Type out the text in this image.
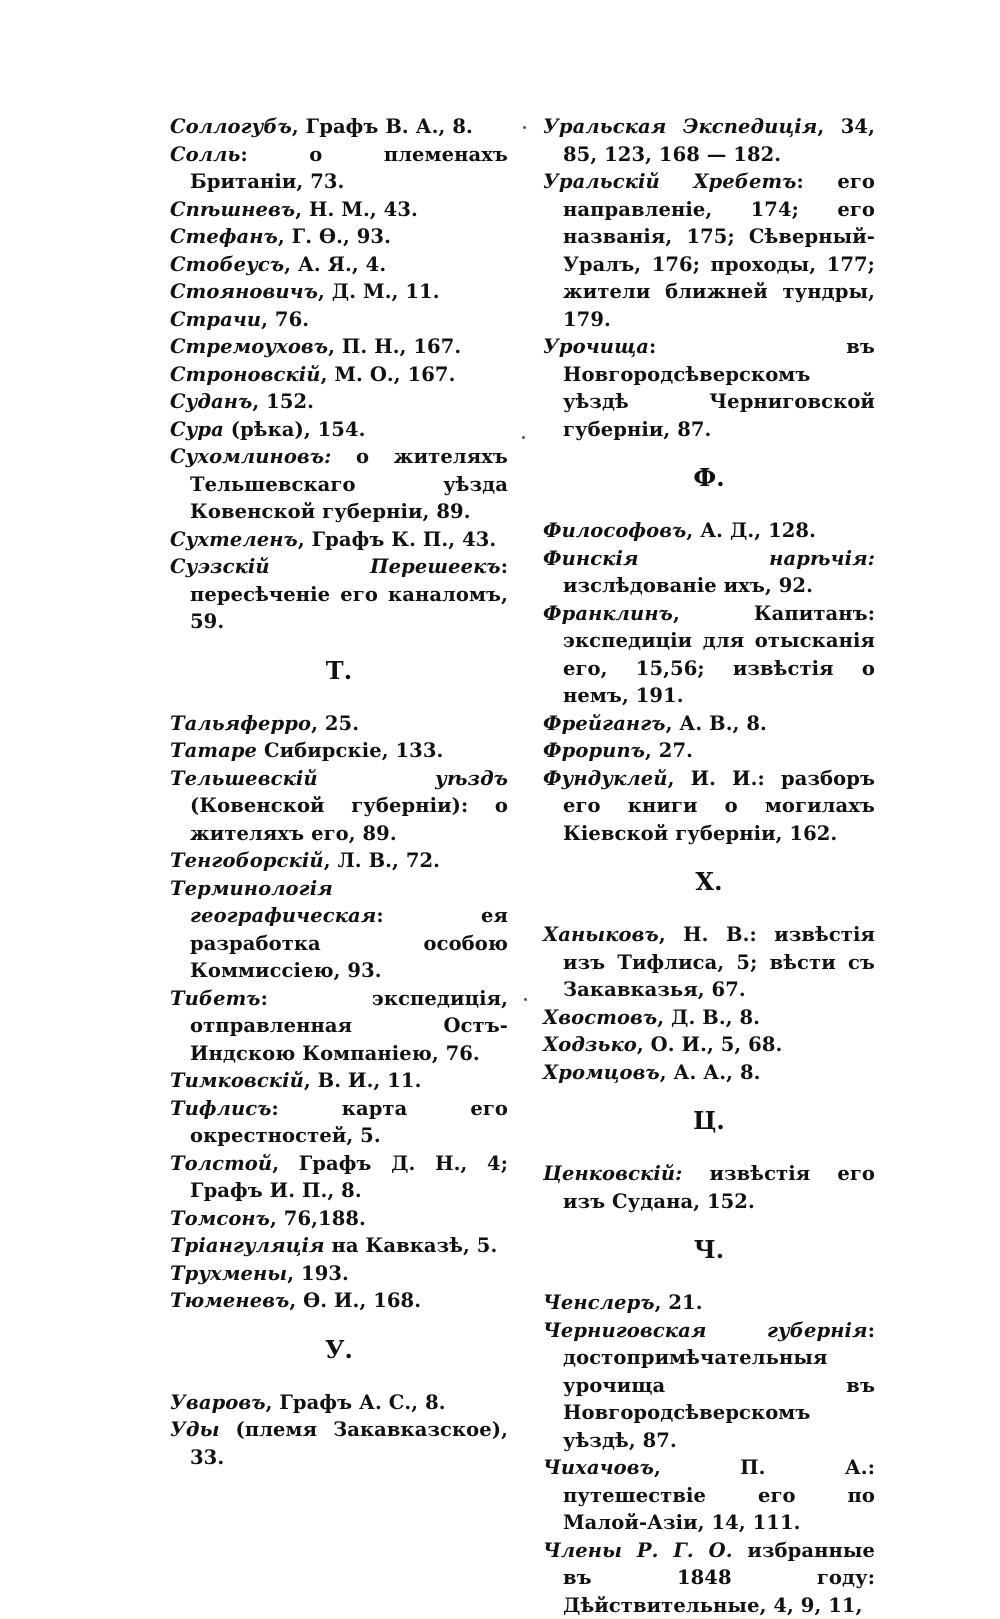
Соллогубъ, Графъ В. А., 8.

Солль: о племенахъ Британіи, 73.

Спѣшневъ, Н. М., 43.

Стефанъ, Г. Ѳ., 93.

Стобеусъ, А. Я., 4.

Стояновичъ, Д. М., 11.

Страчи, 76.

Стремоуховъ, П. Н., 167.

Строновскій, М. О., 167.

Суданъ, 152.

Сура (рѣка), 154.

Сухомлиновъ: о жителяхъ Тельшевскаго уѣзда Ковенской губерніи, 89.

Сухтеленъ, Графъ К. П., 43.

Суэзскій Перешеекъ: пересѣченіе его каналомъ, 59.

Т.

Тальяферро, 25.

Татаре Сибирскіе, 133.

Тельшевскій уѣздъ (Ковенской губерніи): о жителяхъ его, 89.

Тенгоборскій, Л. В., 72.

Терминологія географическая: ея разработка особою Коммиссіею, 93.

Тибетъ: экспедиція, отправленная Остъ-Индскою Компаніею, 76.

Тимковскій, В. И., 11.

Тифлисъ: карта его окрестностей, 5.

Толстой, Графъ Д. Н., 4; Графъ И. П., 8.

Томсонъ, 76,188.

Тріангуляція на Кавказѣ, 5.

Трухмены, 193.

Тюменевъ, Ѳ. И., 168.

У.

Уваровъ, Графъ А. С., 8.

Уды (племя Закавказское), 33.

Уральская Экспедиція, 34, 85, 123, 168 — 182.

Уральскій Хребетъ: его направленіе, 174; его названія, 175; Сѣверный-Уралъ, 176; проходы, 177; жители ближней тундры, 179.

Урочища: въ Новгородсѣверскомъ уѣздѣ Черниговской губерніи, 87.

Ф.

Философовъ, А. Д., 128.

Финскія нарѣчія: изслѣдованіе ихъ, 92.

Франклинъ, Капитанъ: экспедиціи для отысканія его, 15,56; извѣстія о немъ, 191.

Фрейгангъ, А. В., 8.

Фрорипъ, 27.

Фундуклей, И. И.: разборъ его книги о могилахъ Кіевской губерніи, 162.

Х.

Ханыковъ, Н. В.: извѣстія изъ Тифлиса, 5; вѣсти съ Закавказья, 67.

Хвостовъ, Д. В., 8.

Ходзько, О. И., 5, 68.

Хромцовъ, А. А., 8.

Ц.

Ценковскій: извѣстія его изъ Судана, 152.

Ч.

Ченслеръ, 21.

Черниговская губернія: достопримѣчательныя урочища въ Новгородсѣверскомъ уѣздѣ, 87.

Чихачовъ, П. А.: путешествіе его по Малой-Азіи, 14, 111.

Члены Р. Г. О. избранные въ 1848 году: Дѣйствительные, 4, 9, 11,
